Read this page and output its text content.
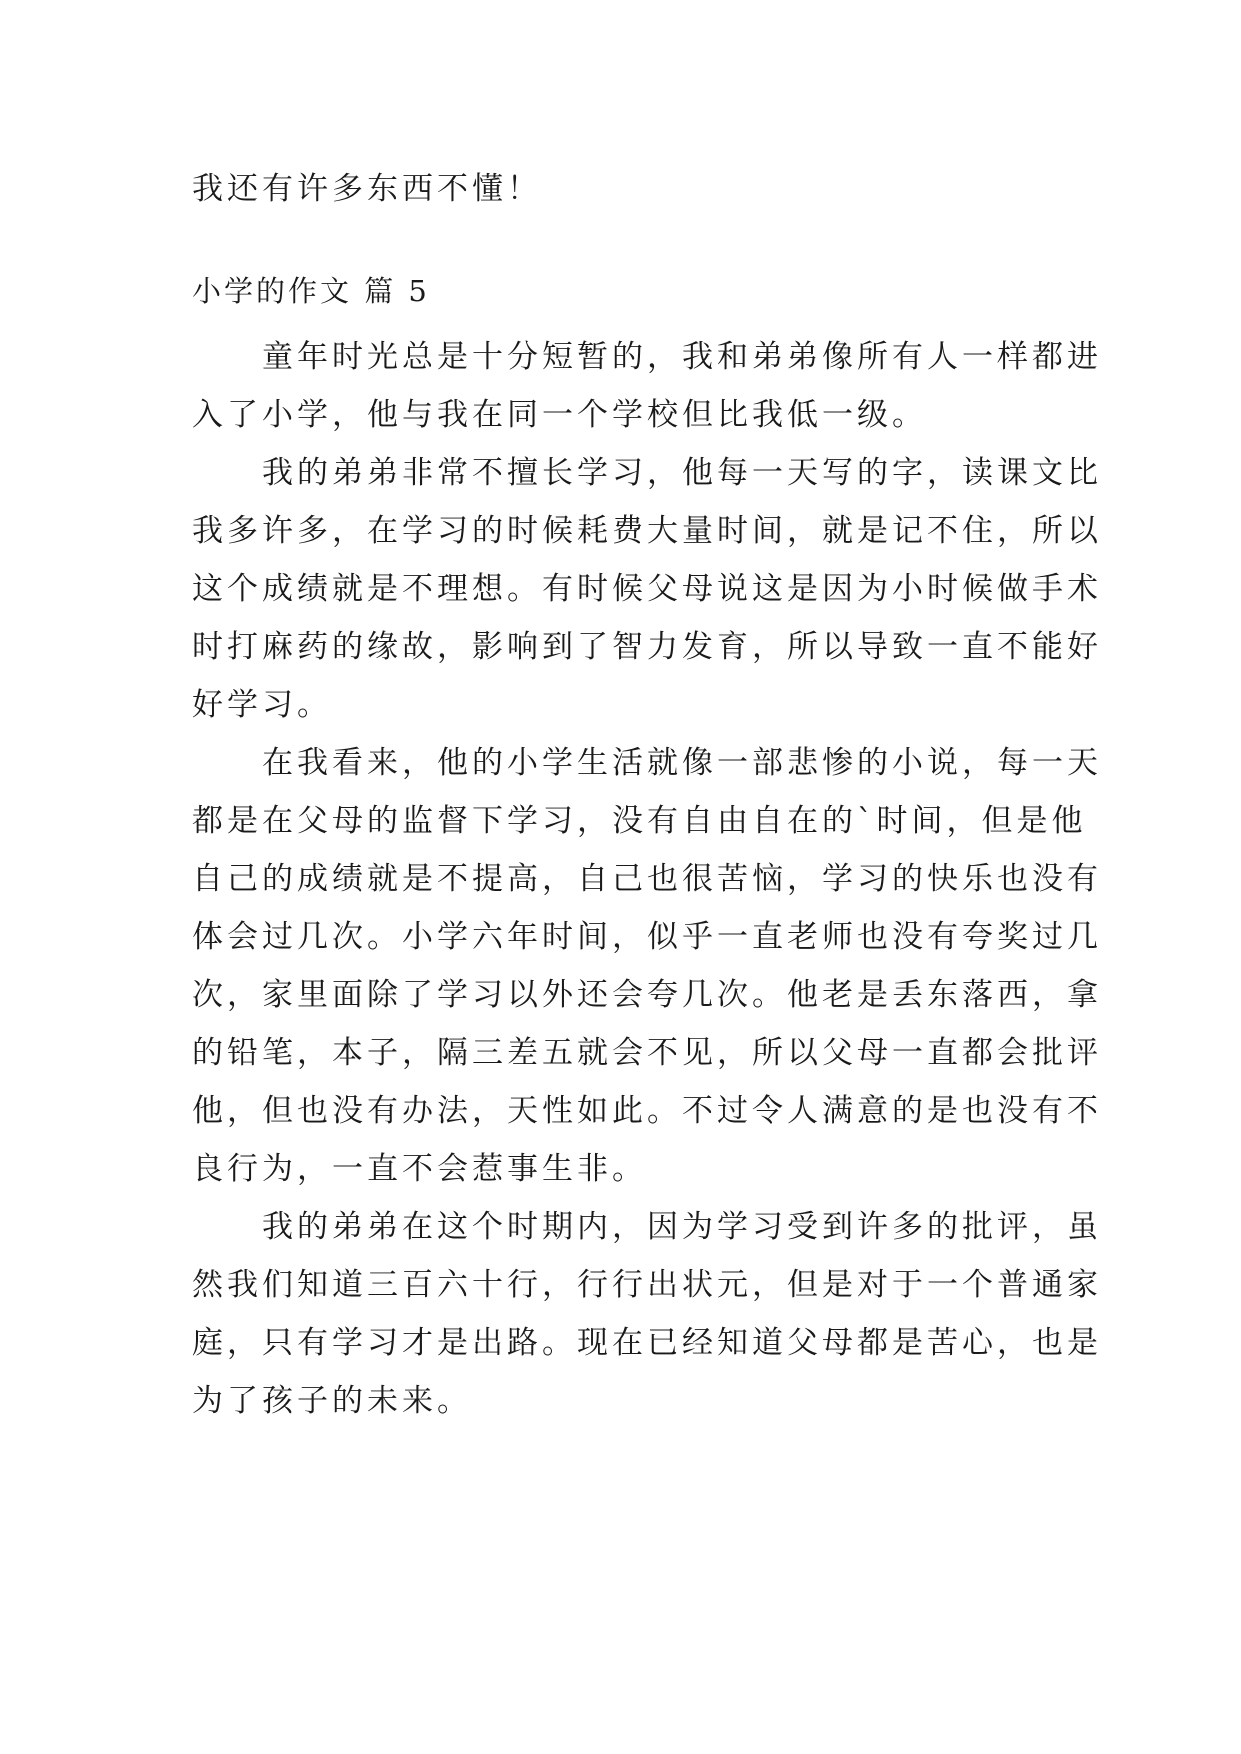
我还有许多东西不懂！

小学的作文 篇 5

童年时光总是十分短暂的，我和弟弟像所有人一样都进

入了小学，他与我在同一个学校但比我低一级。

我的弟弟非常不擅长学习，他每一天写的字，读课文比

我多许多，在学习的时候耗费大量时间，就是记不住，所以

这个成绩就是不理想。有时候父母说这是因为小时候做手术

时打麻药的缘故，影响到了智力发育，所以导致一直不能好

好学习。

在我看来，他的小学生活就像一部悲惨的小说，每一天

都是在父母的监督下学习，没有自由自在的`时间，但是他

自己的成绩就是不提高，自己也很苦恼，学习的快乐也没有

体会过几次。小学六年时间，似乎一直老师也没有夸奖过几

次，家里面除了学习以外还会夸几次。他老是丢东落西，拿

的铅笔，本子，隔三差五就会不见，所以父母一直都会批评

他，但也没有办法，天性如此。不过令人满意的是也没有不

良行为，一直不会惹事生非。

我的弟弟在这个时期内，因为学习受到许多的批评，虽

然我们知道三百六十行，行行出状元，但是对于一个普通家

庭，只有学习才是出路。现在已经知道父母都是苦心，也是

为了孩子的未来。
